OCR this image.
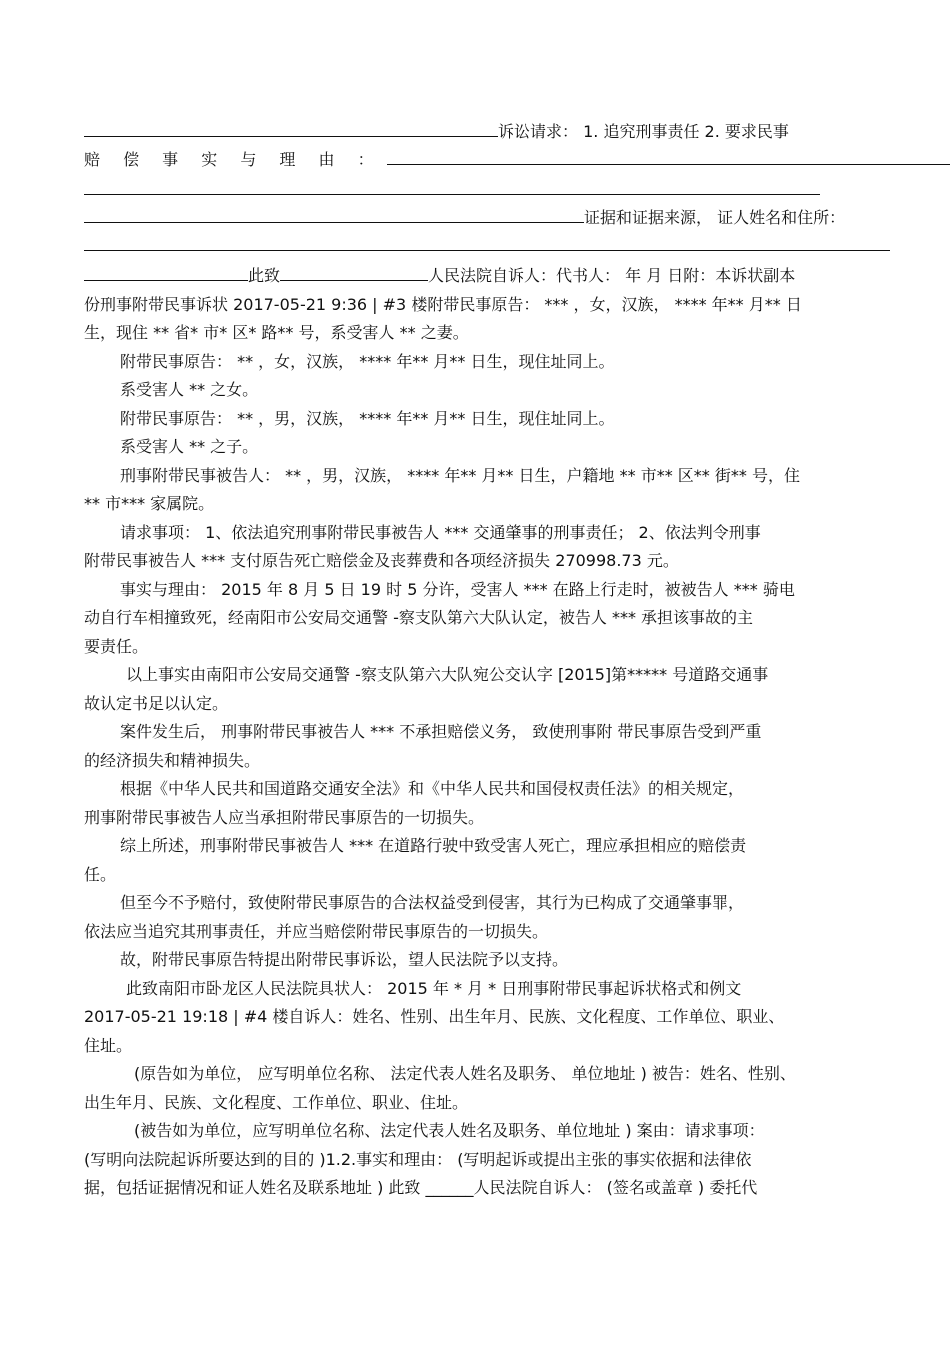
诉讼请求： 1. 追究刑事责任 2. 要求民事
赔 偿 事 实 与 理 由 ：
证据和证据来源， 证人姓名和住所：
此致	人民法院自诉人：代书人： 年 月 日附：本诉状副本
份刑事附带民事诉状 2017-05-21 9:36 | #3 楼附带民事原告： *** ，女，汉族， **** 年** 月** 日
生，现住 ** 省* 市* 区* 路** 号，系受害人 ** 之妻。
附带民事原告： ** ，女，汉族， **** 年** 月** 日生，现住址同上。
系受害人 ** 之女。
附带民事原告： ** ，男，汉族， **** 年** 月** 日生，现住址同上。
系受害人 ** 之子。
刑事附带民事被告人： ** ，男，汉族， **** 年** 月** 日生，户籍地 ** 市** 区** 街** 号，住
** 市*** 家属院。
请求事项： 1、依法追究刑事附带民事被告人 *** 交通肇事的刑事责任； 2、依法判令刑事
附带民事被告人 *** 支付原告死亡赔偿金及丧葬费和各项经济损失 270998.73 元。
事实与理由： 2015 年 8 月 5 日 19 时 5 分许，受害人 *** 在路上行走时，被被告人 *** 骑电
动自行车相撞致死，经南阳市公安局交通警 -察支队第六大队认定，被告人 *** 承担该事故的主
要责任。
以上事实由南阳市公安局交通警 -察支队第六大队宛公交认字 [2015]第***** 号道路交通事
故认定书足以认定。
案件发生后， 刑事附带民事被告人 *** 不承担赔偿义务， 致使刑事附 带民事原告受到严重
的经济损失和精神损失。
根据《中华人民共和国道路交通安全法》和《中华人民共和国侵权责任法》的相关规定，
刑事附带民事被告人应当承担附带民事原告的一切损失。
综上所述，刑事附带民事被告人 *** 在道路行驶中致受害人死亡，理应承担相应的赔偿责
任。
但至今不予赔付，致使附带民事原告的合法权益受到侵害，其行为已构成了交通肇事罪，
依法应当追究其刑事责任，并应当赔偿附带民事原告的一切损失。
故，附带民事原告特提出附带民事诉讼，望人民法院予以支持。
此致南阳市卧龙区人民法院具状人： 2015 年 * 月 * 日刑事附带民事起诉状格式和例文
2017-05-21 19:18 | #4 楼自诉人：姓名、性别、出生年月、民族、文化程度、工作单位、职业、
住址。
(原告如为单位， 应写明单位名称、 法定代表人姓名及职务、 单位地址 ) 被告：姓名、性别、
出生年月、民族、文化程度、工作单位、职业、住址。
(被告如为单位，应写明单位名称、法定代表人姓名及职务、单位地址 ) 案由：请求事项：
(写明向法院起诉所要达到的目的 )1.2.事实和理由： (写明起诉或提出主张的事实依据和法律依
据，包括证据情况和证人姓名及联系地址 ) 此致 ______人民法院自诉人： (签名或盖章 ) 委托代
